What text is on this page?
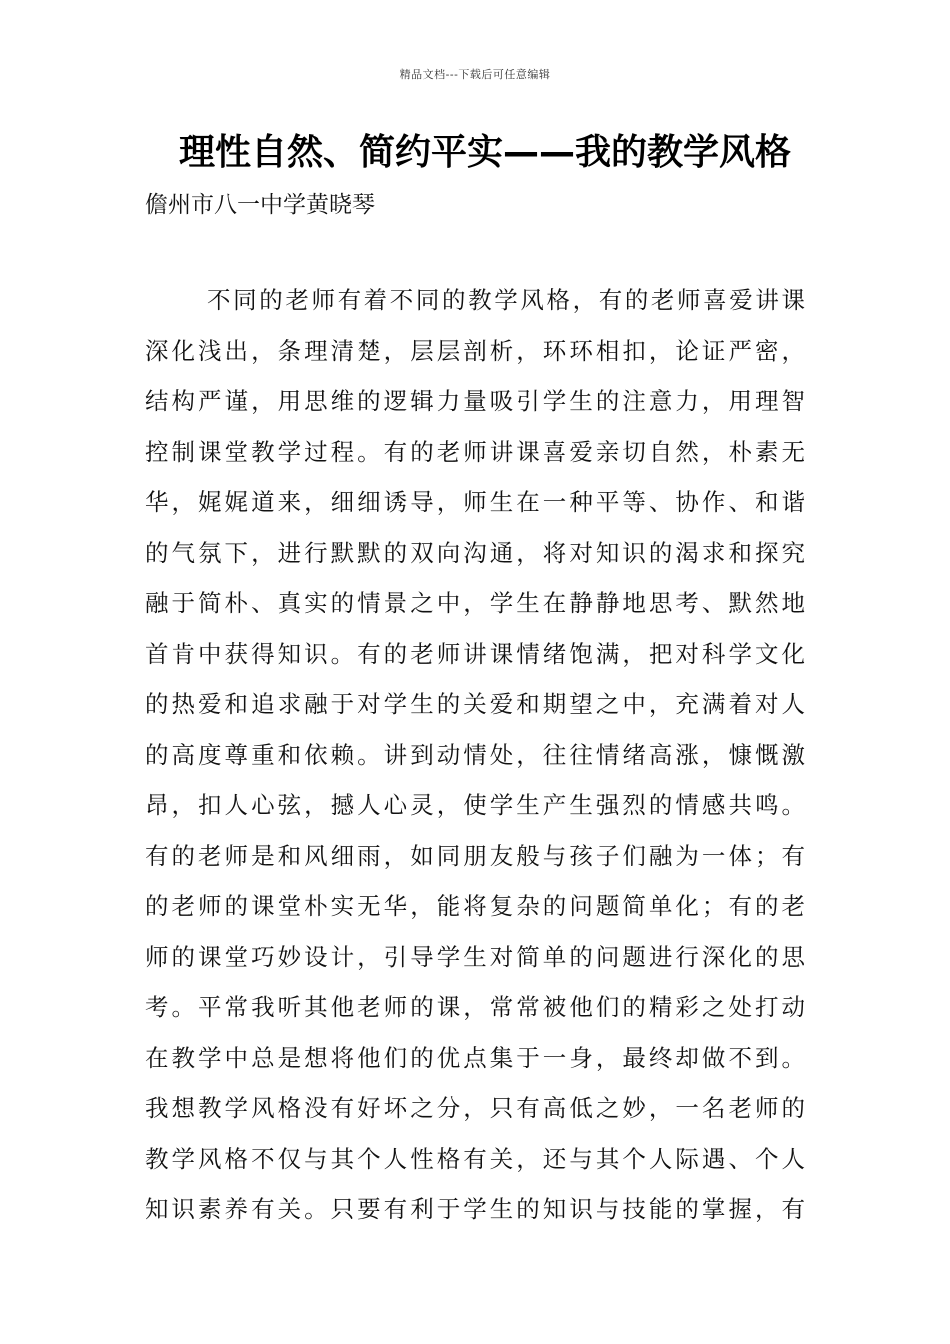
精品文档---下载后可任意编辑
理性自然、简约平实——我的教学风格

儋州市八一中学黄晓琴

不同的老师有着不同的教学风格，有的老师喜爱讲课
深化浅出，条理清楚，层层剖析，环环相扣，论证严密，
结构严谨，用思维的逻辑力量吸引学生的注意力，用理智
控制课堂教学过程。有的老师讲课喜爱亲切自然，朴素无
华，娓娓道来，细细诱导，师生在一种平等、协作、和谐
的气氛下，进行默默的双向沟通，将对知识的渴求和探究
融于简朴、真实的情景之中，学生在静静地思考、默然地
首肯中获得知识。有的老师讲课情绪饱满，把对科学文化
的热爱和追求融于对学生的关爱和期望之中，充满着对人
的高度尊重和依赖。讲到动情处，往往情绪高涨，慷慨激
昂，扣人心弦，撼人心灵，使学生产生强烈的情感共鸣。
有的老师是和风细雨，如同朋友般与孩子们融为一体；有
的老师的课堂朴实无华，能将复杂的问题简单化；有的老
师的课堂巧妙设计，引导学生对简单的问题进行深化的思
考。平常我听其他老师的课，常常被他们的精彩之处打动
在教学中总是想将他们的优点集于一身，最终却做不到。
我想教学风格没有好坏之分，只有高低之妙，一名老师的
教学风格不仅与其个人性格有关，还与其个人际遇、个人
知识素养有关。只要有利于学生的知识与技能的掌握，有
